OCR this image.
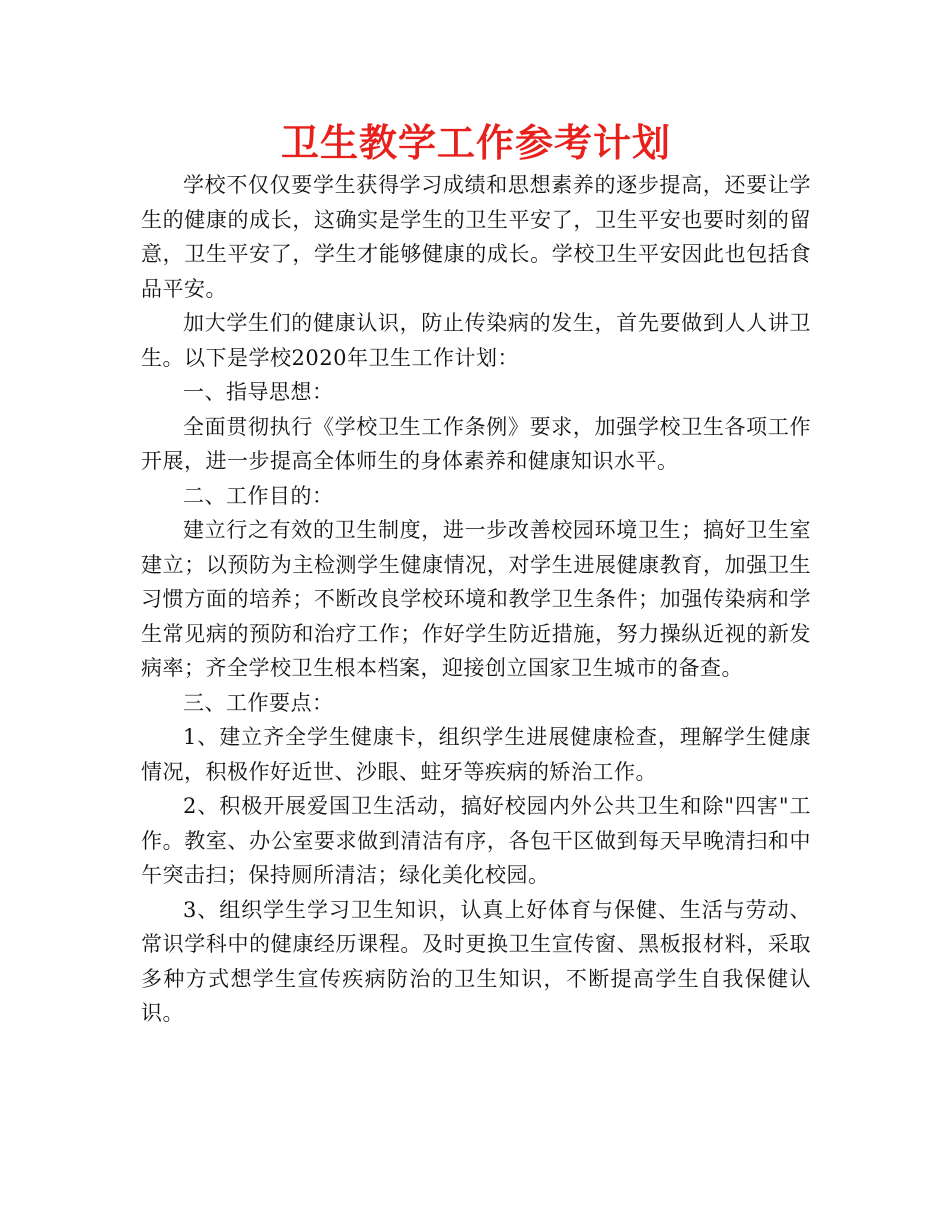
卫生教学工作参考计划

学校不仅仅要学生获得学习成绩和思想素养的逐步提高，还要让学生的健康的成长，这确实是学生的卫生平安了，卫生平安也要时刻的留意，卫生平安了，学生才能够健康的成长。学校卫生平安因此也包括食品平安。

加大学生们的健康认识，防止传染病的发生，首先要做到人人讲卫生。以下是学校2020年卫生工作计划：

一、指导思想：

全面贯彻执行《学校卫生工作条例》要求，加强学校卫生各项工作开展，进一步提高全体师生的身体素养和健康知识水平。

二、工作目的：

建立行之有效的卫生制度，进一步改善校园环境卫生；搞好卫生室建立；以预防为主检测学生健康情况，对学生进展健康教育，加强卫生习惯方面的培养；不断改良学校环境和教学卫生条件；加强传染病和学生常见病的预防和治疗工作；作好学生防近措施，努力操纵近视的新发病率；齐全学校卫生根本档案，迎接创立国家卫生城市的备查。

三、工作要点：

1、建立齐全学生健康卡，组织学生进展健康检查，理解学生健康情况，积极作好近世、沙眼、蛀牙等疾病的矫治工作。

2、积极开展爱国卫生活动，搞好校园内外公共卫生和除"四害"工作。教室、办公室要求做到清洁有序，各包干区做到每天早晚清扫和中午突击扫；保持厕所清洁；绿化美化校园。

3、组织学生学习卫生知识，认真上好体育与保健、生活与劳动、常识学科中的健康经历课程。及时更换卫生宣传窗、黑板报材料，采取多种方式想学生宣传疾病防治的卫生知识，不断提高学生自我保健认识。
